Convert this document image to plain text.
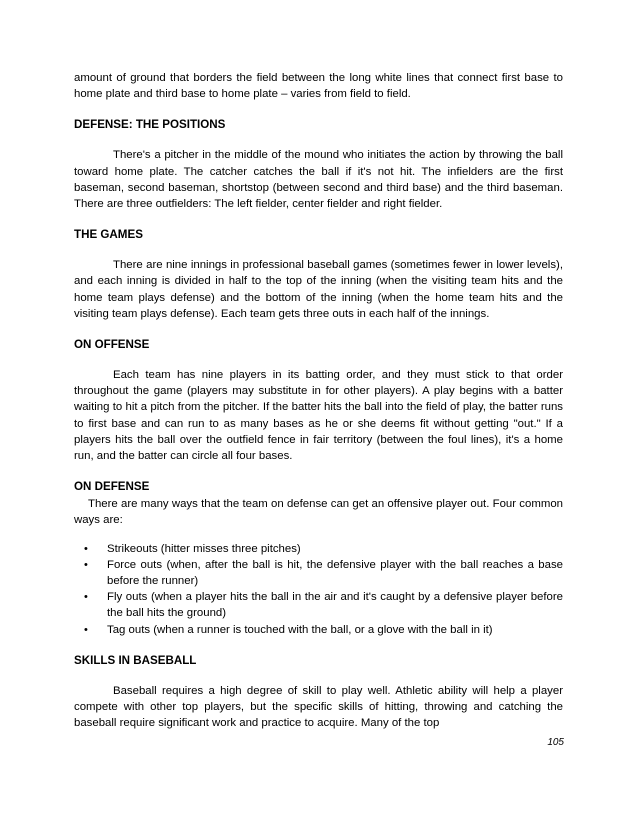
amount of ground that borders the field between the long white lines that connect first base to home plate and third base to home plate – varies from field to field.

DEFENSE: THE POSITIONS

There's a pitcher in the middle of the mound who initiates the action by throwing the ball toward home plate. The catcher catches the ball if it's not hit. The infielders are the first baseman, second baseman, shortstop (between second and third base) and the third baseman. There are three outfielders: The left fielder, center fielder and right fielder.

THE GAMES

There are nine innings in professional baseball games (sometimes fewer in lower levels), and each inning is divided in half to the top of the inning (when the visiting team hits and the home team plays defense) and the bottom of the inning (when the home team hits and the visiting team plays defense). Each team gets three outs in each half of the innings.

ON OFFENSE

Each team has nine players in its batting order, and they must stick to that order throughout the game (players may substitute in for other players). A play begins with a batter waiting to hit a pitch from the pitcher. If the batter hits the ball into the field of play, the batter runs to first base and can run to as many bases as he or she deems fit without getting "out." If a players hits the ball over the outfield fence in fair territory (between the foul lines), it's a home run, and the batter can circle all four bases.

ON DEFENSE

There are many ways that the team on defense can get an offensive player out. Four common ways are:

• Strikeouts (hitter misses three pitches)
• Force outs (when, after the ball is hit, the defensive player with the ball reaches a base before the runner)
• Fly outs (when a player hits the ball in the air and it's caught by a defensive player before the ball hits the ground)
• Tag outs (when a runner is touched with the ball, or a glove with the ball in it)
SKILLS IN BASEBALL

Baseball requires a high degree of skill to play well. Athletic ability will help a player compete with other top players, but the specific skills of hitting, throwing and catching the baseball require significant work and practice to acquire. Many of the top

105
